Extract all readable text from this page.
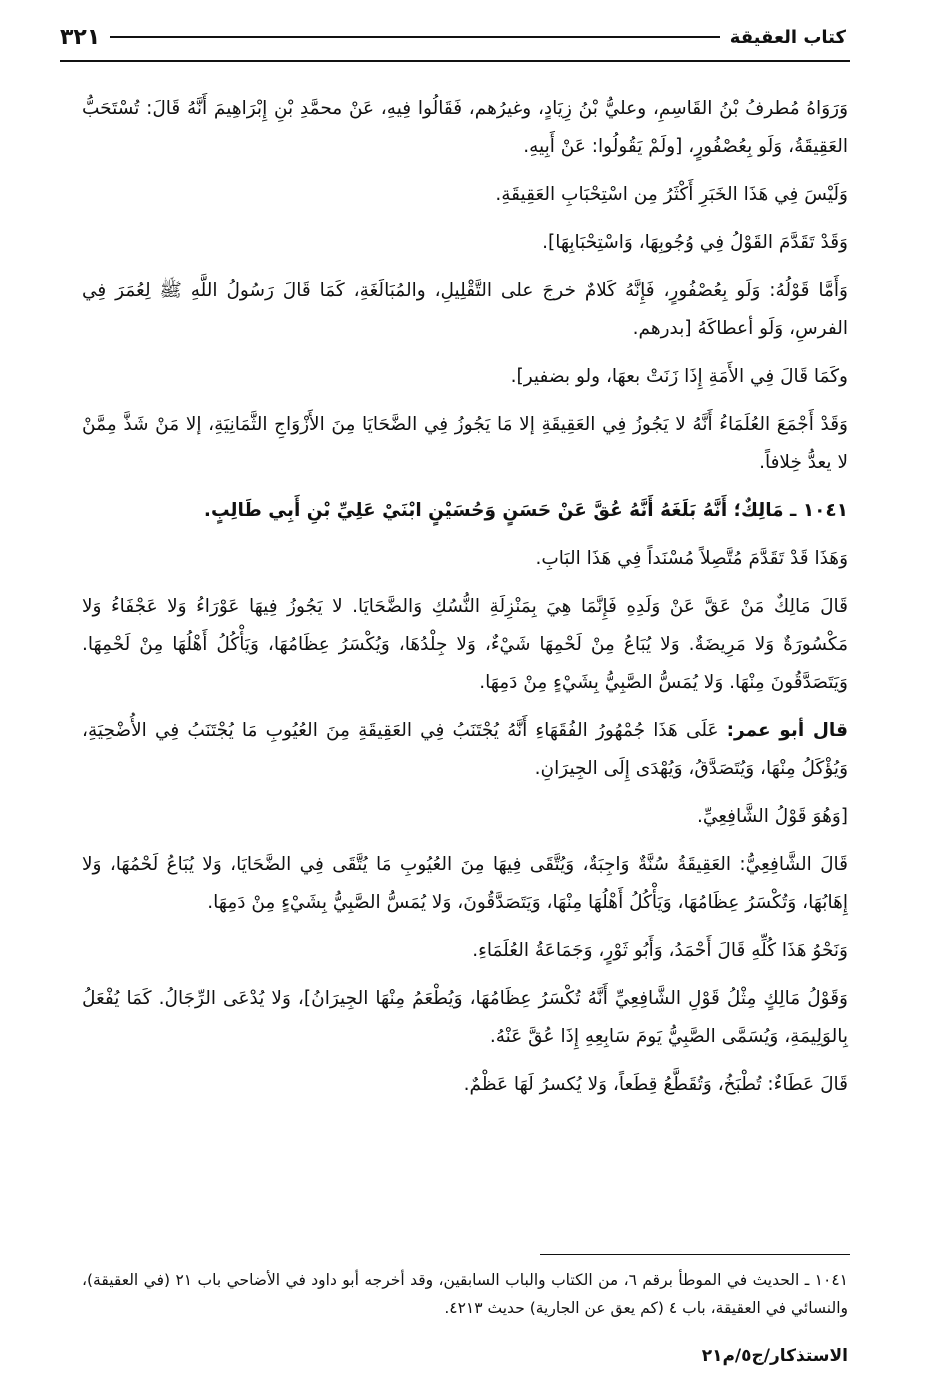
كتاب العقيقة
٣٢١

وَرَوَاهُ مُطرفُ بْنُ القَاسِمِ، وعليُّ بْنُ زِيَادٍ، وغيرُهم، فَقَالُوا فِيهِ، عَنْ محمَّدِ بْنِ إِبْرَاهِيمَ أَنَّهُ قَالَ: تُسْتَحَبُّ العَقِيقَةُ، وَلَو بِعُصْفُورٍ، [ولَمْ يَقُولُوا: عَنْ أَبِيهِ.

وَلَيْسَ فِي هَذَا الخَبَرِ أَكْثَرُ مِن اسْتِحْبَابِ العَقِيقَةِ.

وَقَدْ تَقَدَّمَ القَوْلُ فِي وُجُوبِهَا، وَاسْتِحْبَابِهَا].

وَأَمَّا قَوْلُهُ: وَلَو بِعُصْفُورٍ، فَإِنَّهُ كَلامٌ خرجَ على التَّقْلِيلِ، والمُبَالَغَةِ، كَمَا قَالَ رَسُولُ اللَّهِ ﷺ لِعُمَرَ فِي الفرسِ، وَلَو أعطاكَهُ [بدرهم.

وكَمَا قَالَ فِي الأَمَةِ إِذَا زَنَتْ بعهَا، ولو بضفير].

وَقَدْ أَجْمَعَ العُلَمَاءُ أَنَّهُ لا يَجُوزُ فِي العَقِيقَةِ إلا مَا يَجُوزُ فِي الضَّحَايَا مِنَ الأَزْوَاجِ الثَّمَانِيَةِ، إلا مَنْ شَذَّ مِمَّنْ لا يعدُّ خِلافاً.

١٠٤١ ـ مَالِكٌ؛ أَنَّهُ بَلَغَهُ أَنَّهُ عُقَّ عَنْ حَسَنٍ وَحُسَيْنٍ ابْنَيْ عَلِيِّ بْنِ أَبِي طَالِبٍ.

وَهَذَا قَدْ تَقَدَّمَ مُتَّصِلاً مُسْنَداً فِي هَذَا البَابِ.

قَالَ مَالِكٌ مَنْ عَقَّ عَنْ وَلَدِهِ فَإِنَّمَا هِيَ بِمَنْزِلَةِ النُّسُكِ وَالضَّحَايَا. لا يَجُوزُ فِيهَا عَوْرَاءُ وَلا عَجْفَاءُ وَلا مَكْسُورَةٌ وَلا مَرِيضَةٌ. وَلا يُبَاعُ مِنْ لَحْمِهَا شَيْءٌ، وَلا جِلْدُهَا، وَيُكْسَرُ عِظَامُهَا، وَيَأْكُلُ أَهْلُهَا مِنْ لَحْمِهَا. وَيَتَصَدَّقُونَ مِنْهَا. وَلا يُمَسُّ الصَّبِيُّ بِشَيْءٍ مِنْ دَمِهَا.

قال أبو عمر: عَلَى هَذَا جُمْهُورُ الفُقَهَاءِ أَنَّهُ يُجْتَنَبُ فِي العَقِيقَةِ مِنَ العُيُوبِ مَا يُجْتَنَبُ فِي الأُضْحِيَةِ، وَيُؤْكَلُ مِنْهَا، وَيُتَصَدَّقُ، وَيُهْدَى إِلَى الجِيرَانِ.

[وَهُوَ قَوْلُ الشَّافِعِيِّ.

قَالَ الشَّافِعِيُّ: العَقِيقَةُ سُنَّةٌ وَاجِبَةٌ، وَيُتَّقَى فِيهَا مِنَ العُيُوبِ مَا يُتَّقَى فِي الضَّحَايَا، وَلا يُبَاعُ لَحْمُهَا، وَلا إِهَابُهَا، وَتُكْسَرُ عِظَامُهَا، وَيَأْكُلُ أَهْلُهَا مِنْهَا، وَيَتَصَدَّقُونَ، وَلا يُمَسُّ الصَّبِيُّ بِشَيْءٍ مِنْ دَمِهَا.

وَنَحْوُ هَذَا كُلِّهِ قَالَ أَحْمَدُ، وَأَبُو ثَوْرٍ، وَجَمَاعَةُ العُلَمَاءِ.

وَقَوْلُ مَالِكٍ مِثْلُ قَوْلِ الشَّافِعِيِّ أَنَّهُ تُكْسَرُ عِظَامُهَا، وَيُطْعَمُ مِنْهَا الجِيرَانُ]، وَلا يُدْعَى الرِّجَالُ. كَمَا يُفْعَلُ بِالوَلِيمَةِ، وَيُسَمَّى الصَّبِيُّ يَومَ سَابِعِهِ إِذَا عُقَّ عَنْهُ.

قَالَ عَطَاءٌ: تُطْبَخُ، وَتُقَطَّعُ قِطَعاً، وَلا يُكسرُ لَهَا عَظْمٌ.

١٠٤١ ـ الحديث في الموطأ برقم ٦، من الكتاب والباب السابقين، وقد أخرجه أبو داود في الأضاحي باب ٢١ (في العقيقة)، والنسائي في العقيقة، باب ٤ (كم يعق عن الجارية) حديث ٤٢١٣.
الاستذكار/ج٥/م٢١
